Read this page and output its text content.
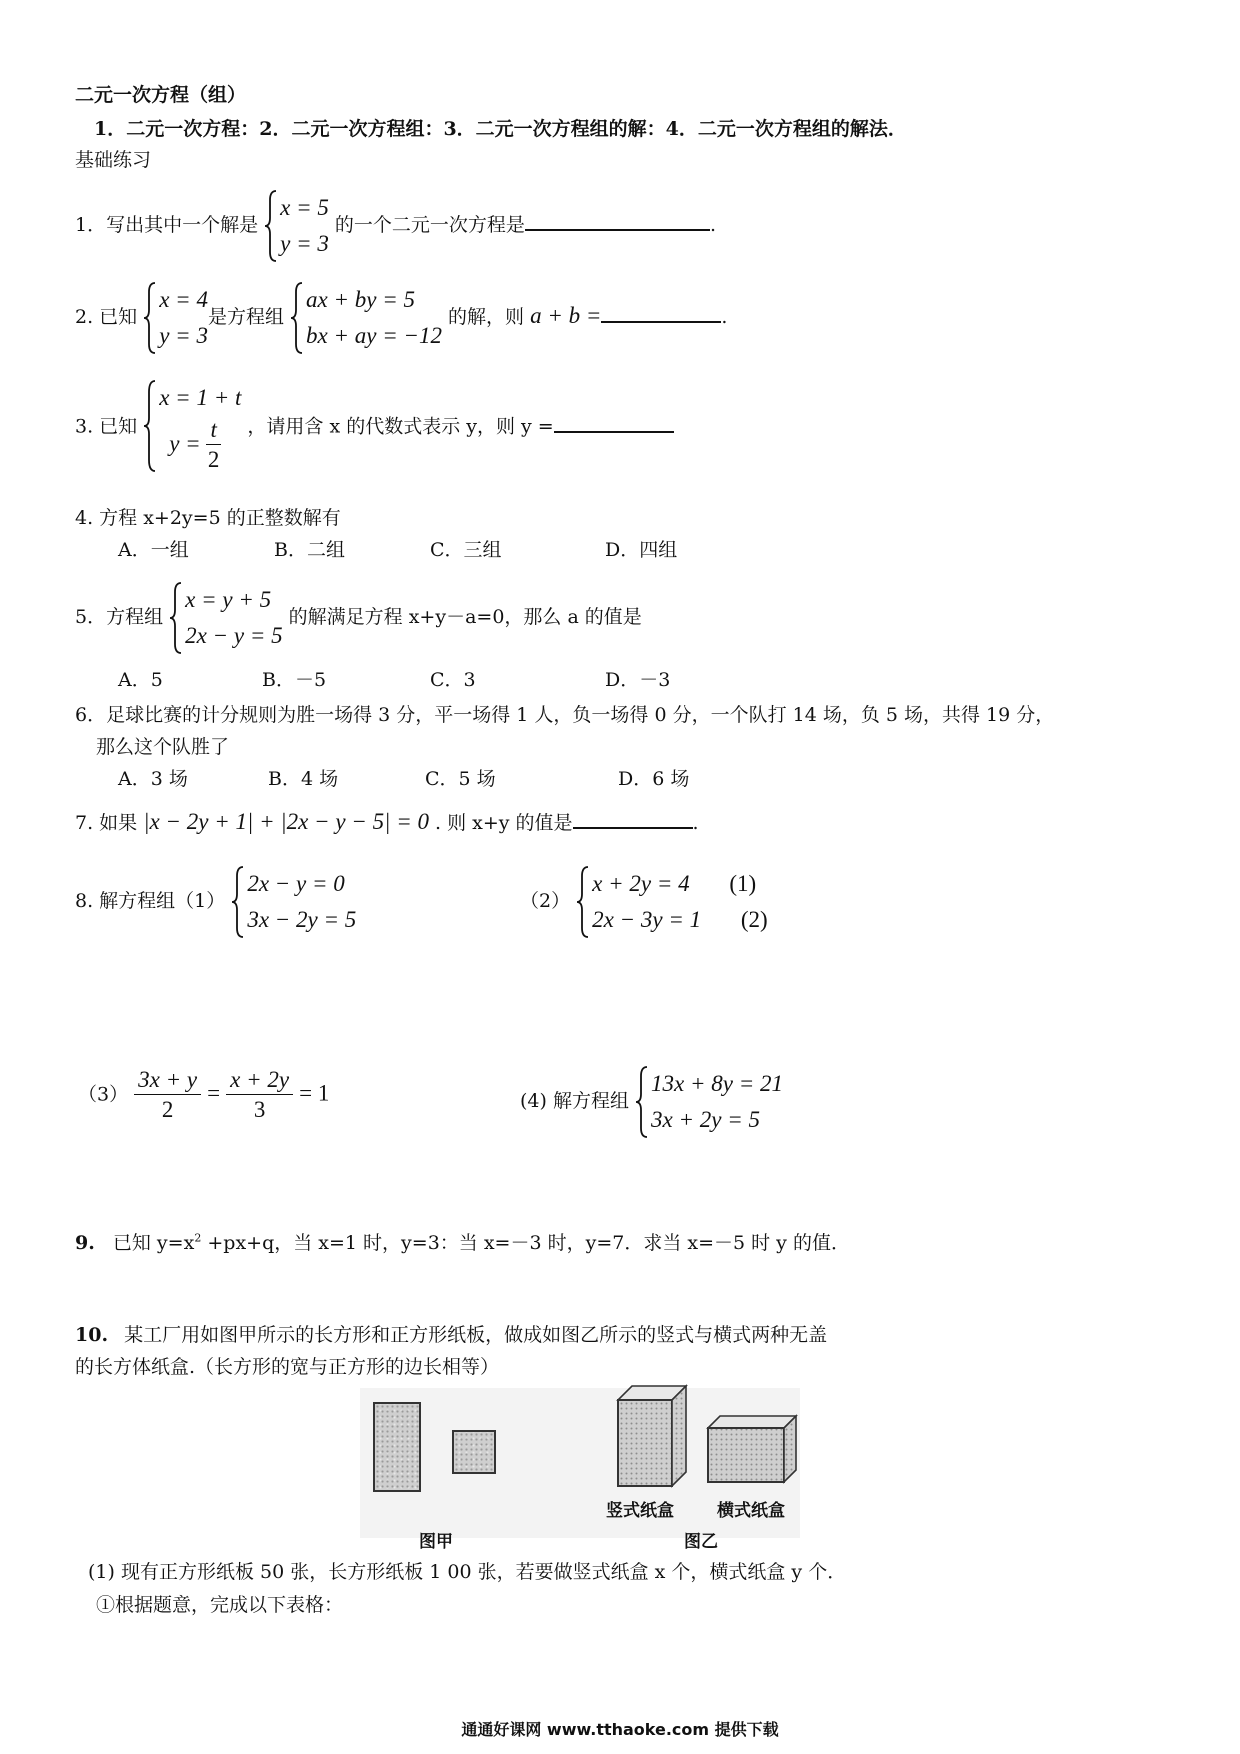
二元一次方程（组）
1．二元一次方程：2．二元一次方程组：3．二元一次方程组的解：4．二元一次方程组的解法．
基础练习
1．写出其中一个解是
x = 5
y = 3
的一个二元一次方程是	.
2. 已知
x = 4
y = 3
是方程组
ax + by = 5
bx + ay = −12
的解，则 a + b =	.
3. 已知
x = 1 + t
$y = \frac{t}{2}$ ，请用含 x 的代数式表示 y，则 y =
4. 方程 x+2y=5 的正整数解有
A．一组	B．二组	C．三组	D．四组
5．方程组
x = y + 5
2x − y = 5
的解满足方程 x+y－a=0，那么 a 的值是
A．5	B．－5	C．3	D．－3
6．足球比赛的计分规则为胜一场得 3 分，平一场得 1 人，负一场得 0 分，一个队打 14 场，负 5 场，共得 19 分，
那么这个队胜了
A．3 场	B．4 场	C．5 场	D．6 场
7. 如果 |x − 2y + 1| + |2x − y − 5| = 0 . 则 x+y 的值是	.
8. 解方程组（1）
2x − y = 0
3x − 2y = 5
（2）
x + 2y = 4 (1)
2x − 3y = 1 (2)
$(3) \frac{3x + y}{2} = \frac{x + 2y}{3} = 1$	(4) 解方程组
13x + 8y = 21
3x + 2y = 5
9. 已知 $y=x^2 +px+q$，当 x=1 时，y=3：当 x=－3 时，y=7．求当 x=－5 时 y 的值．
10. 某工厂用如图甲所示的长方形和正方形纸板，做成如图乙所示的竖式与横式两种无盖
的长方体纸盒.（长方形的宽与正方形的边长相等）
竖式纸盒	横式纸盒
图甲	图乙
(1) 现有正方形纸板 50 张，长方形纸板 1 00 张，若要做竖式纸盒 x 个，横式纸盒 y 个．
①根据题意，完成以下表格：
通通好课网 www.tthaoke.com 提供下载
